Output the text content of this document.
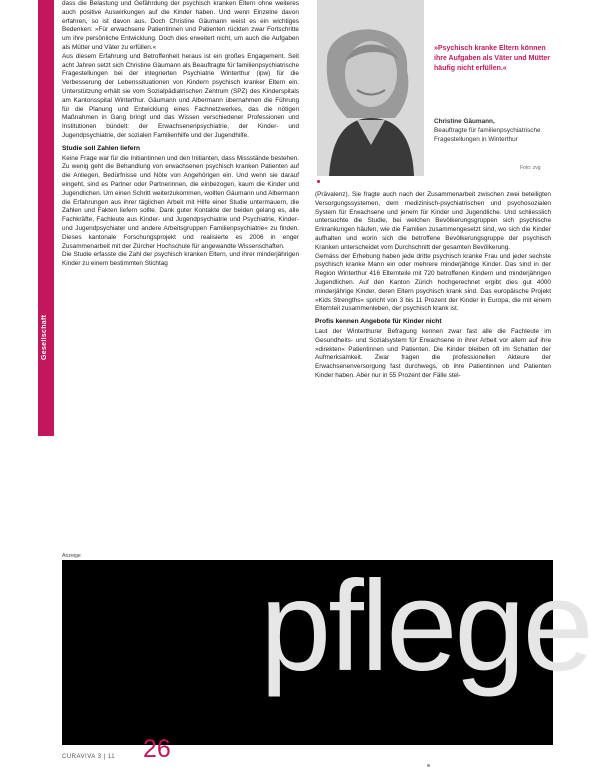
Gesellschaft

dass die Belastung und Gefährdung der psychisch kranken Eltern ohne weiteres auch positive Auswirkungen auf die Kinder haben. Und wenn Einzelne davon erfahren, so ist davon aus. Doch Christine Gäumann weist es ein wichtiges Bedenken: »Für erwachsene Patientinnen und Patienten rückten zwar Fortschritte um ihre persönliche Entwicklung. Doch dies erweitert nicht, um auch die Aufgaben als Mütter und Väter zu erfüllen.«

Aus diesem Erfahrung und Betroffenheit heraus ist ein großes Engagement. Seit acht Jahren setzt sich Christine Gäumann als Beauftragte für familienpsychiatrische Fragestellungen bei der integrierten Psychiatrie Winterthur (ipw) für die Verbesserung der Lebenssituationen von Kindern psychisch kranker Eltern ein. Unterstützung erhält sie vom Sozialpädiatrischen Zentrum (SPZ) des Kinderspitals am Kantonsspital Winterthur. Gäumann und Albermann übernahmen die Führung für die Planung und Entwicklung eines Fachnetzwerkes, das die nötigen Maßnahmen in Gang bringt und das Wissen verschiedener Professionen und Institutionen bündelt: der Erwachsenenpsychiatrie, der Kinder- und Jugendpsychiatrie, der sozialen Familienhilfe und der Jugendhilfe.

Studie soll Zahlen liefern

Keine Frage war für die Initiantinnen und den Initianten, dass Missstände bestehen. Zu wenig geht die Behandlung von erwachsenen psychisch kranken Patienten auf die Anliegen, Bedürfnisse und Nöte von Angehörigen ein. Und wenn sie darauf eingeht, sind es Partner oder Partnerinnen, die einbezogen, kaum die Kinder und Jugendlichen. Um einen Schritt weiterzukommen, wollten Gäumann und Albermann die Erfahrungen aus ihrer täglichen Arbeit mit Hilfe einer Studie untermauern, die Zahlen und Fakten liefern sollte. Dank guter Kontakte der beiden gelang es, alle Fachkräfte, Fachleute aus Kinder- und Jugendpsychiatrie und Psychiatrie, Kinder- und Jugendpsychiater und andere Arbeitsgruppen Familienpsychiatrie« zu finden. Dieses kantonale Forschungsprojekt und realisierte es 2006 in enger Zusammenarbeit mit der Zürcher Hochschule für angewandte Wissenschaften.

Die Studie erfasste die Zahl der psychisch kranken Eltern, und ihrer minderjährigen Kinder zu einem bestimmten Stichtag

»Psychisch kranke Eltern können ihre Aufgaben als Väter und Mütter häufig nicht erfüllen.«
Christine Gäumann,
Beauftragte für familienpsychiatrische Fragestellungen in Winterthur
Foto: zvg

(Prävalenz). Sie fragte auch nach der Zusammenarbeit zwischen zwei beteiligten Versorgungssystemen, dem medizinisch-psychiatrischen und psychosozialen System für Erwachsene und jenem für Kinder und Jugendliche. Und schliesslich untersuchte die Studie, bei welchen Bevölkerungsgruppen sich psychische Erkrankungen häufen, wie die Familien zusammengesetzt sind, wo sich die Kinder aufhalten und worin sich die betroffene Bevölkerungsgruppe der psychisch Kranken unterscheidet vom Durchschnitt der gesamten Bevölkerung.

Gemäss der Erhebung haben jede dritte psychisch kranke Frau und jeder sechste psychisch kranke Mann ein oder mehrere minderjährige Kinder. Das sind in der Region Winterthur 416 Elternteile mit 720 betroffenen Kindern und minderjährigen Jugendlichen. Auf den Kanton Zürich hochgerechnet ergibt dies gut 4000 minderjährige Kinder, deren Eltern psychisch krank sind. Das europäische Projekt »Kids Strengths« spricht von 3 bis 11 Prozent der Kinder in Europa, die mit einem Elternteil zusammenleben, der psychisch krank ist.

Profis kennen Angebote für Kinder nicht

Laut der Winterthurer Befragung kennen zwar fast alle die Fachleute im Gesundheits- und Sozialsystem für Erwachsene in ihrer Arbeit vor allem auf ihre »direkten« Patientinnen und Patienten. Die Kinder bleiben oft im Schatten der Aufmerksamkeit. Zwar fragen die professionellen Akteure der Erwachsenenversorgung fast durchwegs, ob ihre Patientinnen und Patienten Kinder haben. Aber nur in 55 Prozent der Fälle stel-

Anzeige pflege
CURAVIVA 3 | 11 26
